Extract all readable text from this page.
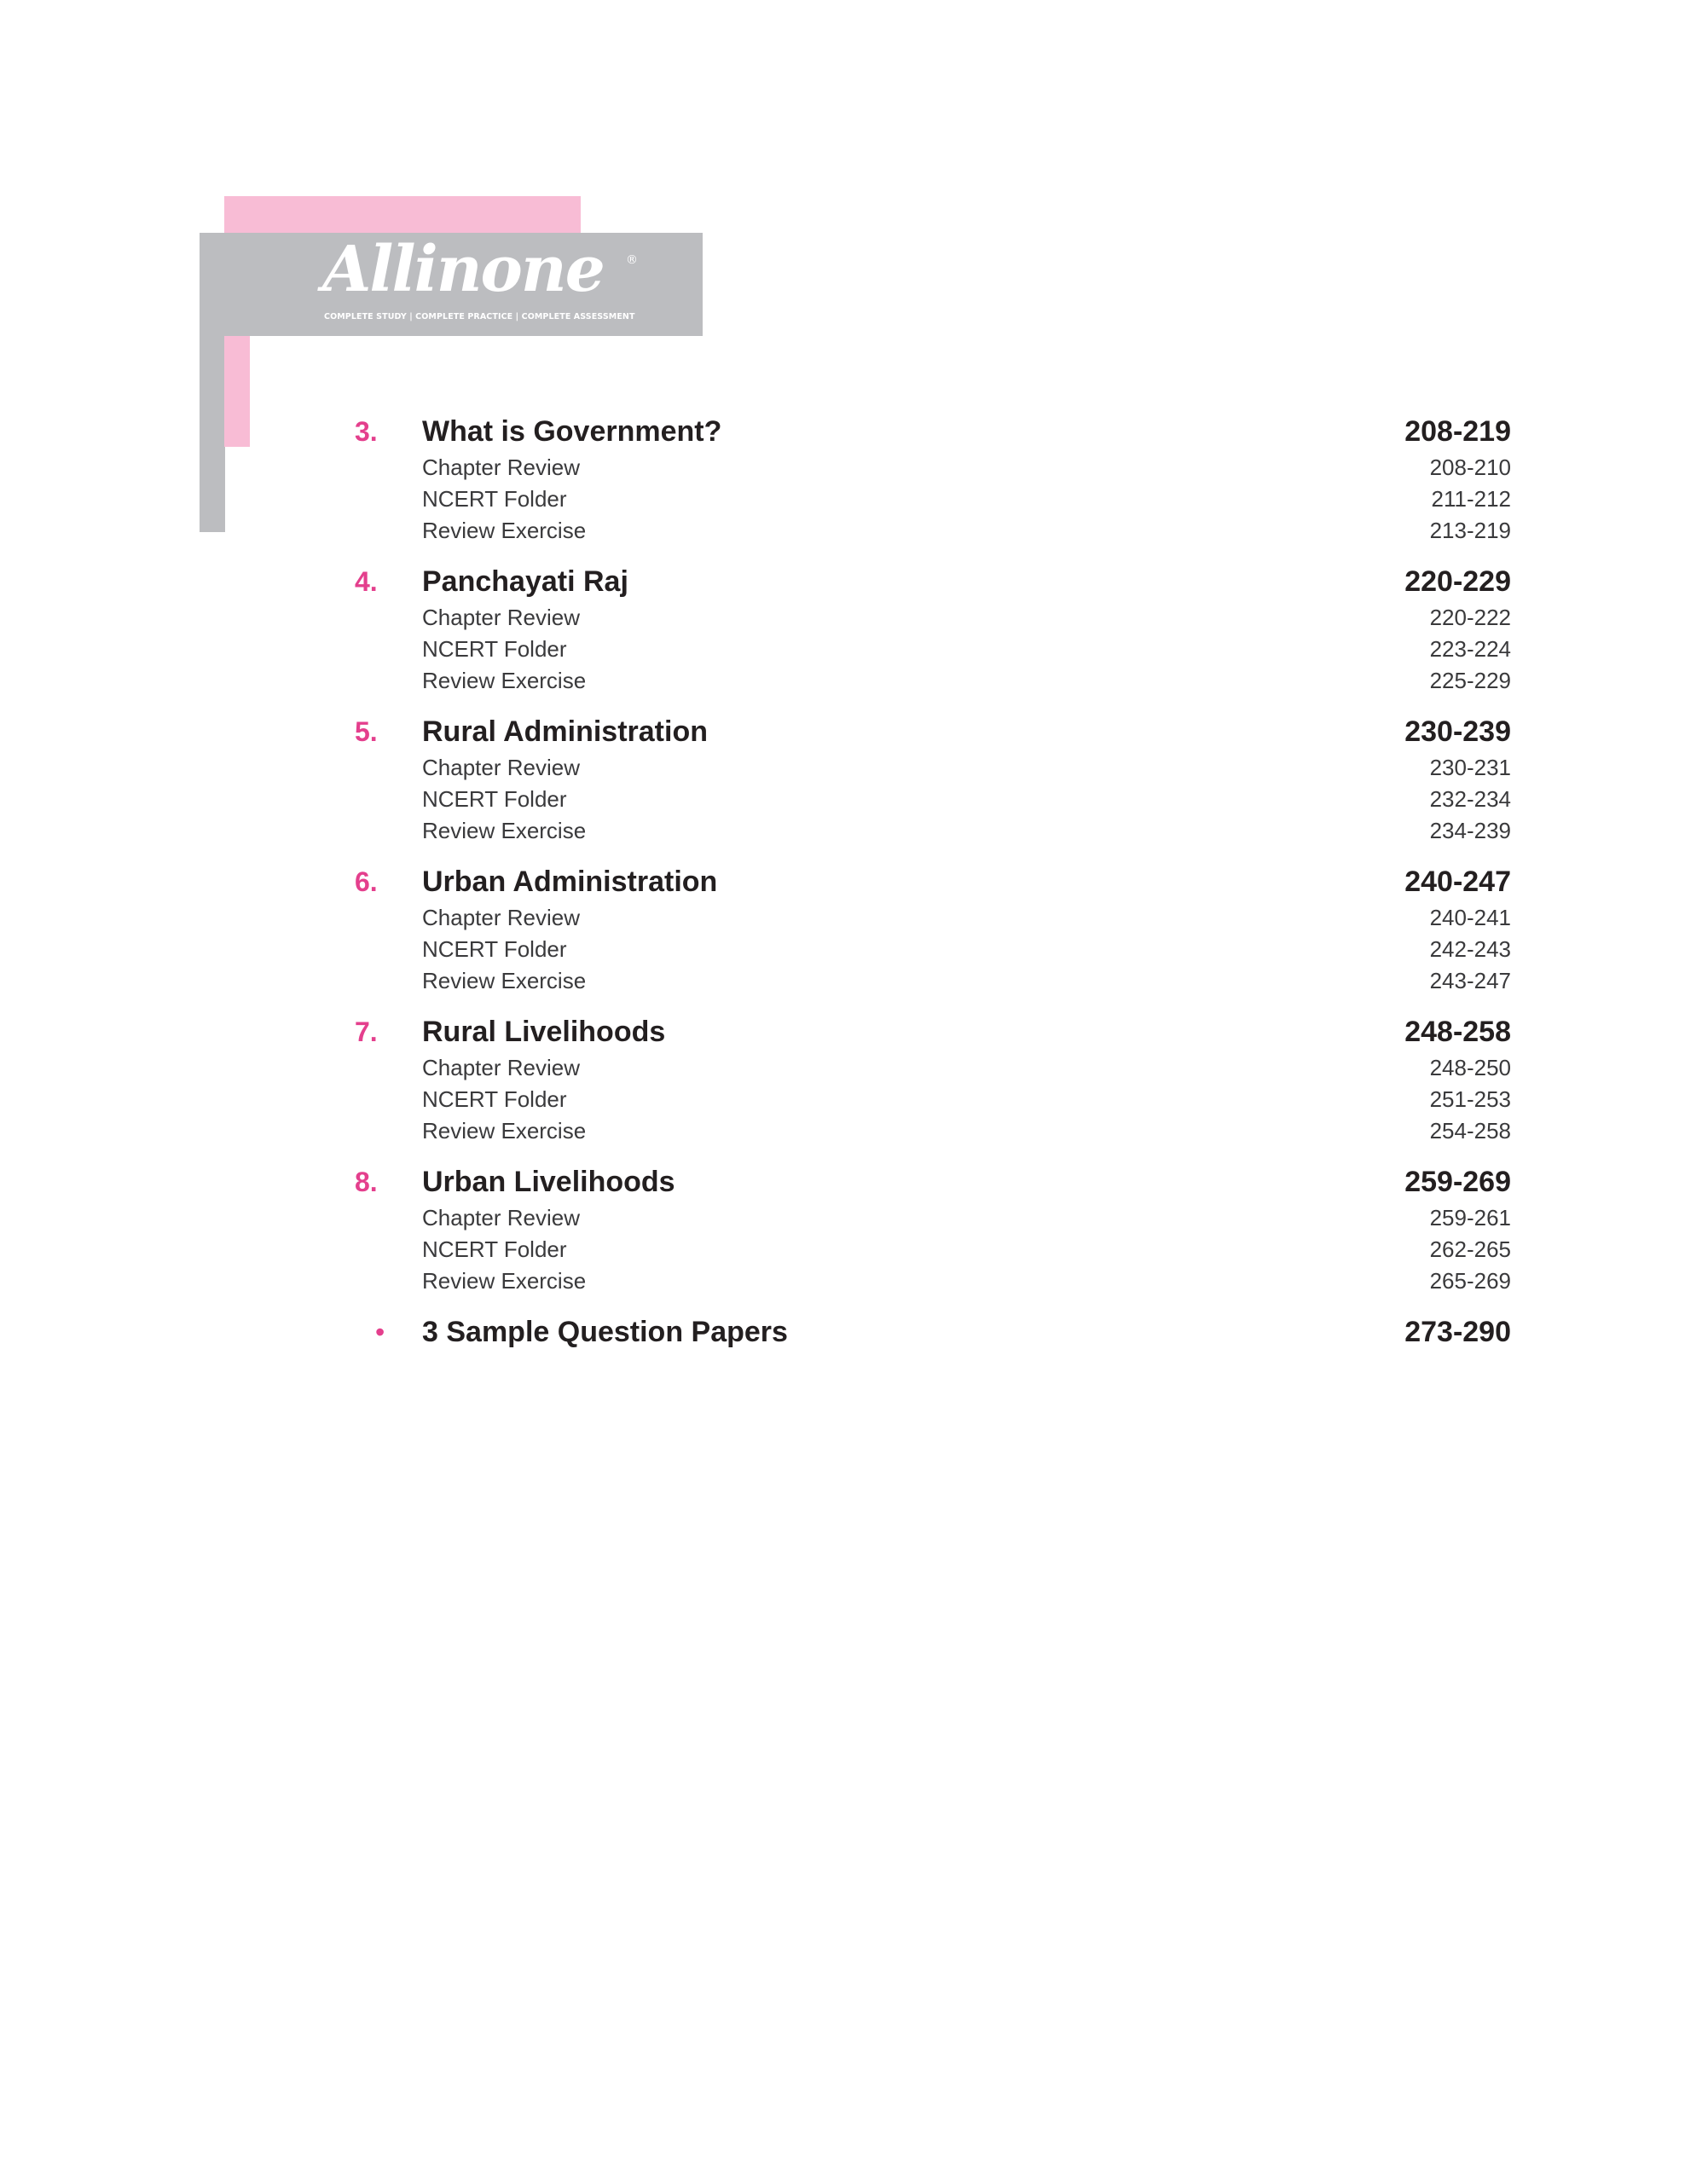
Allinone ®
COMPLETE STUDY | COMPLETE PRACTICE | COMPLETE ASSESSMENT
3. What is Government?	208-219
Chapter Review	208-210
NCERT Folder	211-212
Review Exercise	213-219
4. Panchayati Raj	220-229
Chapter Review	220-222
NCERT Folder	223-224
Review Exercise	225-229
5. Rural Administration	230-239
Chapter Review	230-231
NCERT Folder	232-234
Review Exercise	234-239
6. Urban Administration	240-247
Chapter Review	240-241
NCERT Folder	242-243
Review Exercise	243-247
7. Rural Livelihoods	248-258
Chapter Review	248-250
NCERT Folder	251-253
Review Exercise	254-258
8. Urban Livelihoods	259-269
Chapter Review	259-261
NCERT Folder	262-265
Review Exercise	265-269
• 3 Sample Question Papers	273-290
